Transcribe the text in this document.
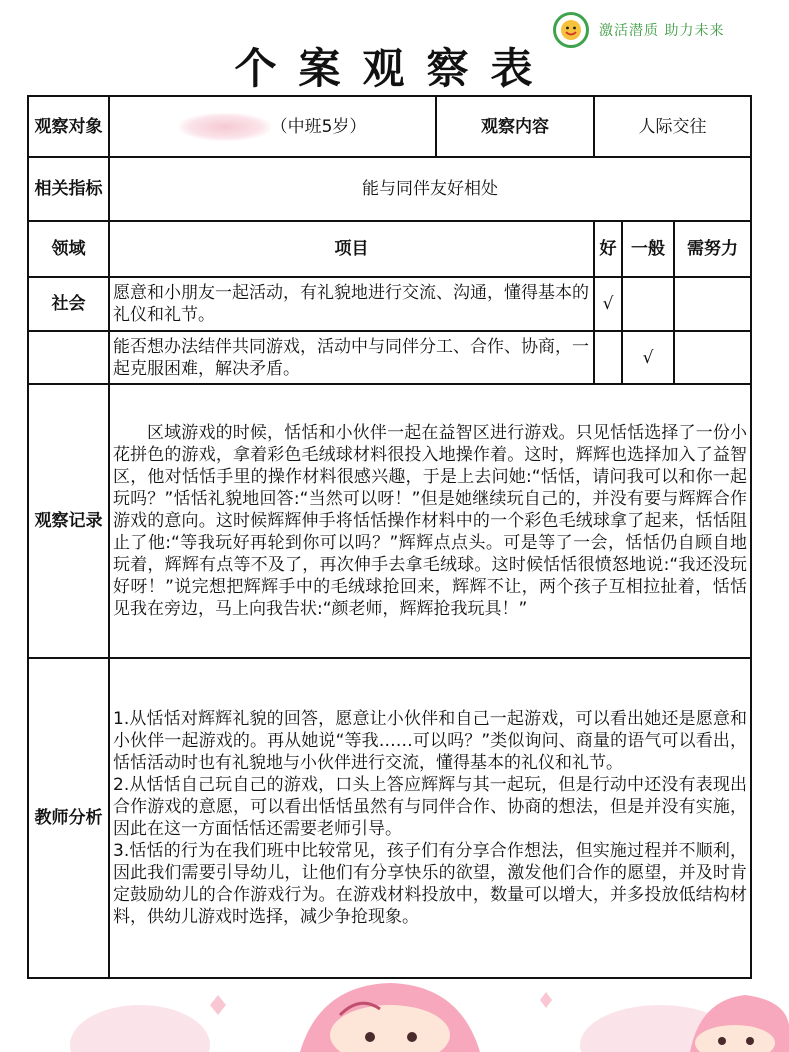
激活潜质 助力未来
个案观察表
观察对象	（中班5岁）	观察内容	人际交往		
相关指标	能与同伴友好相处				
领域	项目		好	一般	需努力
社会	愿意和小朋友一起活动，有礼貌地进行交流、沟通，懂得基本的礼仪和礼节。		√		
	能否想办法结伴共同游戏，活动中与同伴分工、合作、协商，一起克服困难，解决矛盾。			√	
观察记录	区域游戏的时候，恬恬和小伙伴一起在益智区进行游戏。只见恬恬选择了一份小花拼色的游戏，拿着彩色毛绒球材料很投入地操作着。这时，辉辉也选择加入了益智区，他对恬恬手里的操作材料很感兴趣，于是上去问她:“恬恬，请问我可以和你一起玩吗？”恬恬礼貌地回答:“当然可以呀！”但是她继续玩自己的，并没有要与辉辉合作游戏的意向。这时候辉辉伸手将恬恬操作材料中的一个彩色毛绒球拿了起来，恬恬阻止了他:“等我玩好再轮到你可以吗？”辉辉点点头。可是等了一会，恬恬仍自顾自地玩着，辉辉有点等不及了，再次伸手去拿毛绒球。这时候恬恬很愤怒地说:“我还没玩好呀！”说完想把辉辉手中的毛绒球抢回来，辉辉不让，两个孩子互相拉扯着，恬恬见我在旁边，马上向我告状:“颜老师，辉辉抢我玩具！”				

教师分析	1.从恬恬对辉辉礼貌的回答，愿意让小伙伴和自己一起游戏，可以看出她还是愿意和小伙伴一起游戏的。再从她说“等我……可以吗？”类似询问、商量的语气可以看出，恬恬活动时也有礼貌地与小伙伴进行交流，懂得基本的礼仪和礼节。

2.从恬恬自己玩自己的游戏，口头上答应辉辉与其一起玩，但是行动中还没有表现出合作游戏的意愿，可以看出恬恬虽然有与同伴合作、协商的想法，但是并没有实施，因此在这一方面恬恬还需要老师引导。

3.恬恬的行为在我们班中比较常见，孩子们有分享合作想法，但实施过程并不顺利，因此我们需要引导幼儿，让他们有分享快乐的欲望，激发他们合作的愿望，并及时肯定鼓励幼儿的合作游戏行为。在游戏材料投放中，数量可以增大，并多投放低结构材料，供幼儿游戏时选择，减少争抢现象。				
